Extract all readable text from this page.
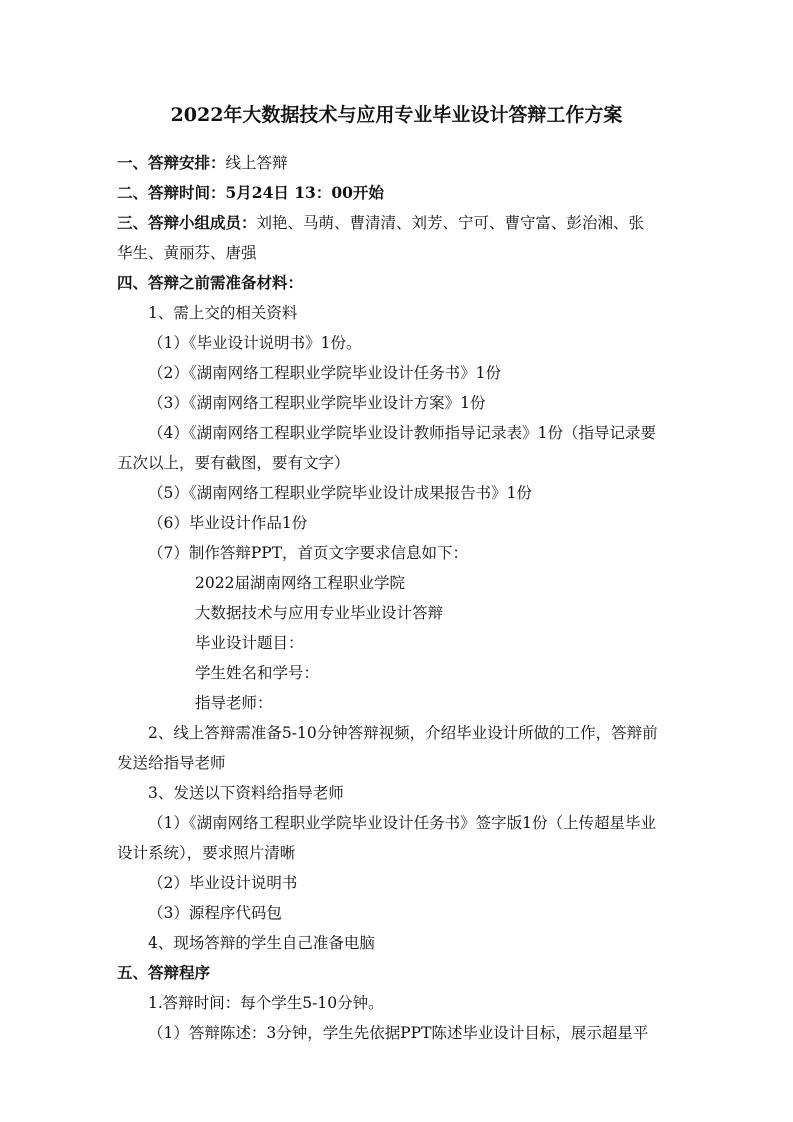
2022年大数据技术与应用专业毕业设计答辩工作方案
一、答辩安排：线上答辩
二、答辩时间：5月24日 13：00开始
三、答辩小组成员：刘艳、马萌、曹清清、刘芳、宁可、曹守富、彭治湘、张
华生、黄丽芬、唐强
四、答辩之前需准备材料：
1、需上交的相关资料
（1）《毕业设计说明书》1份。
（2）《湖南网络工程职业学院毕业设计任务书》1份
（3）《湖南网络工程职业学院毕业设计方案》1份
（4）《湖南网络工程职业学院毕业设计教师指导记录表》1份（指导记录要
五次以上，要有截图，要有文字）
（5）《湖南网络工程职业学院毕业设计成果报告书》1份
（6）毕业设计作品1份
（7）制作答辩PPT，首页文字要求信息如下：
2022届湖南网络工程职业学院
大数据技术与应用专业毕业设计答辩
毕业设计题目：
学生姓名和学号：
指导老师：
2、线上答辩需准备5-10分钟答辩视频，介绍毕业设计所做的工作，答辩前
发送给指导老师
3、发送以下资料给指导老师
（1）《湖南网络工程职业学院毕业设计任务书》签字版1份（上传超星毕业
设计系统），要求照片清晰
（2）毕业设计说明书
（3）源程序代码包
4、现场答辩的学生自己准备电脑
五、答辩程序
1.答辩时间：每个学生5-10分钟。
（1）答辩陈述：3分钟，学生先依据PPT陈述毕业设计目标，展示超星平
